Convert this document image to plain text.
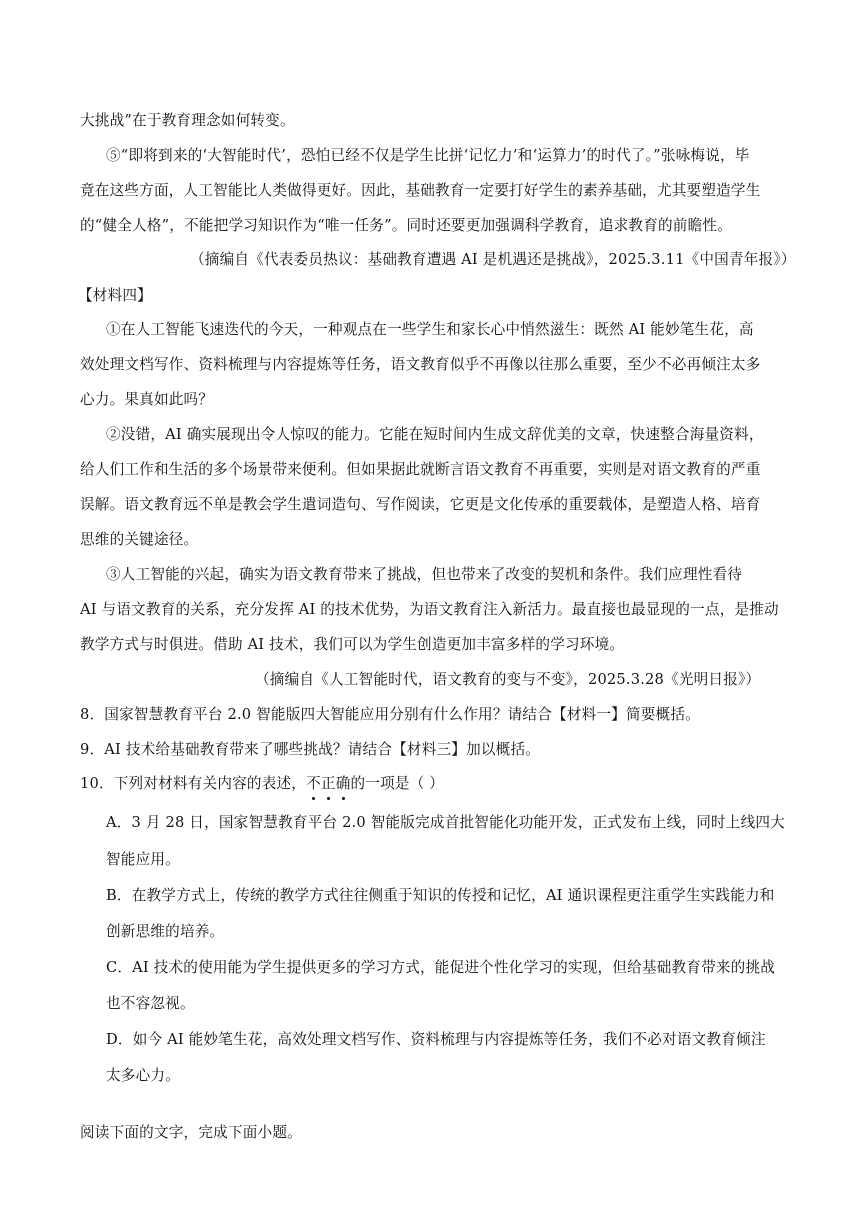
大挑战”在于教育理念如何转变。
⑤“即将到来的‘大智能时代’，恐怕已经不仅是学生比拼‘记忆力’和‘运算力’的时代了。”张咏梅说，毕
竟在这些方面，人工智能比人类做得更好。因此，基础教育一定要打好学生的素养基础，尤其要塑造学生
的“健全人格”，不能把学习知识作为“唯一任务”。同时还要更加强调科学教育，追求教育的前瞻性。
（摘编自《代表委员热议：基础教育遭遇 AI 是机遇还是挑战》，2025.3.11《中国青年报》）
【材料四】
①在人工智能飞速迭代的今天，一种观点在一些学生和家长心中悄然滋生：既然 AI 能妙笔生花，高
效处理文档写作、资料梳理与内容提炼等任务，语文教育似乎不再像以往那么重要，至少不必再倾注太多
心力。果真如此吗？
②没错，AI 确实展现出令人惊叹的能力。它能在短时间内生成文辞优美的文章，快速整合海量资料，
给人们工作和生活的多个场景带来便利。但如果据此就断言语文教育不再重要，实则是对语文教育的严重
误解。语文教育远不单是教会学生遣词造句、写作阅读，它更是文化传承的重要载体，是塑造人格、培育
思维的关键途径。
③人工智能的兴起，确实为语文教育带来了挑战，但也带来了改变的契机和条件。我们应理性看待
AI 与语文教育的关系，充分发挥 AI 的技术优势，为语文教育注入新活力。最直接也最显现的一点，是推动
教学方式与时俱进。借助 AI 技术，我们可以为学生创造更加丰富多样的学习环境。
（摘编自《人工智能时代，语文教育的变与不变》，2025.3.28《光明日报》）
8．国家智慧教育平台 2.0 智能版四大智能应用分别有什么作用？请结合【材料一】简要概括。
9．AI 技术给基础教育带来了哪些挑战？请结合【材料三】加以概括。
10．下列对材料有关内容的表述，不正确的一项是（ ）
A．3 月 28 日，国家智慧教育平台 2.0 智能版完成首批智能化功能开发，正式发布上线，同时上线四大
智能应用。
B．在教学方式上，传统的教学方式往往侧重于知识的传授和记忆，AI 通识课程更注重学生实践能力和
创新思维的培养。
C．AI 技术的使用能为学生提供更多的学习方式，能促进个性化学习的实现，但给基础教育带来的挑战
也不容忽视。
D．如今 AI 能妙笔生花，高效处理文档写作、资料梳理与内容提炼等任务，我们不必对语文教育倾注
太多心力。
阅读下面的文字，完成下面小题。
